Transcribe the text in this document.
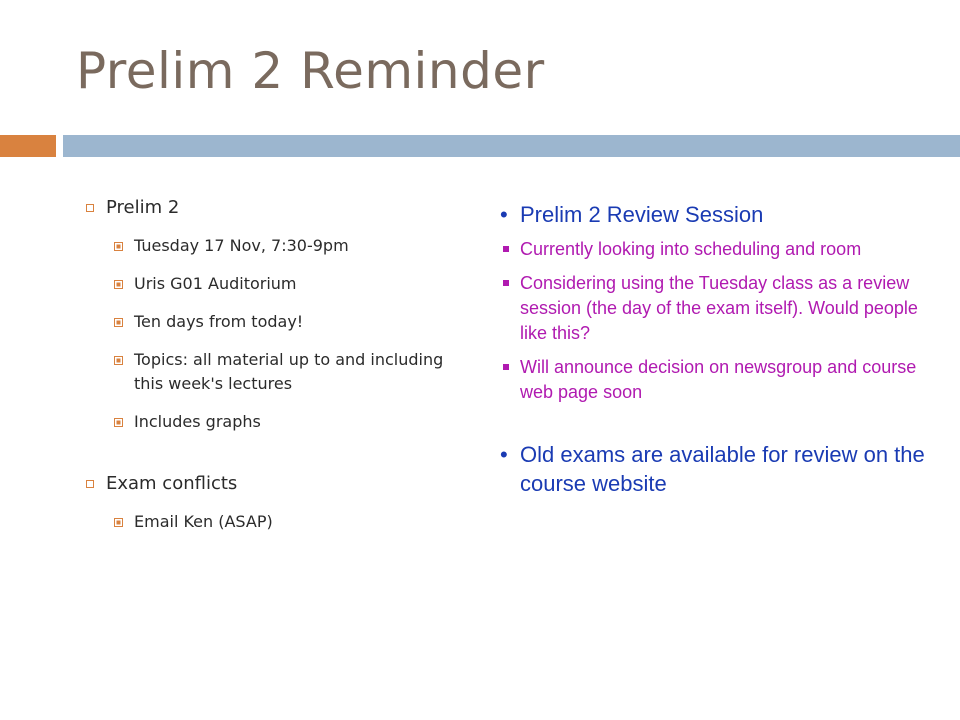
Prelim 2 Reminder
Prelim 2
Tuesday 17 Nov, 7:30-9pm
Uris G01 Auditorium
Ten days from today!
Topics: all material up to and including this week's lectures
Includes graphs
Exam conflicts
Email Ken (ASAP)
• Prelim 2 Review Session
Currently looking into scheduling and room
Considering using the Tuesday class as a review session (the day of the exam itself). Would people like this?
Will announce decision on newsgroup and course web page soon
• Old exams are available for review on the course website
